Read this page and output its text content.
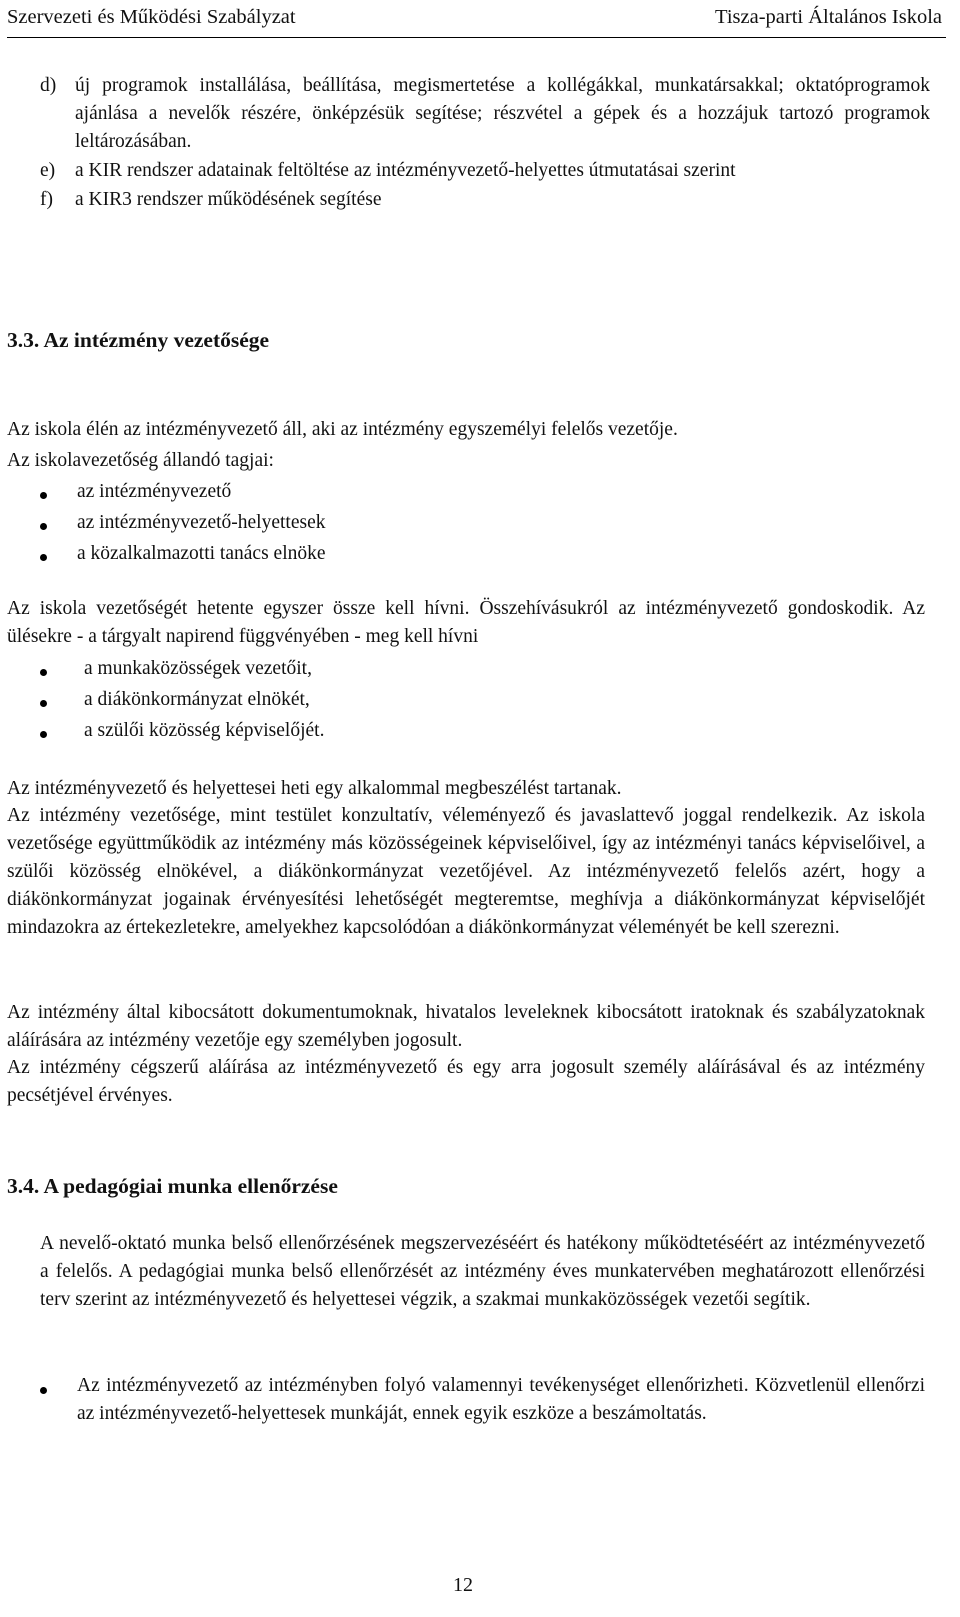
Szervezeti és Működési Szabályzat	Tisza-parti Általános Iskola
d) új programok installálása, beállítása, megismertetése a kollégákkal, munkatársakkal; oktatóprogramok ajánlása a nevelők részére, önképzésük segítése; részvétel a gépek és a hozzájuk tartozó programok leltározásában.
e)	a KIR rendszer adatainak feltöltése az intézményvezető-helyettes útmutatásai szerint
f)	a KIR3 rendszer működésének segítése
3.3. Az intézmény vezetősége
Az iskola élén az intézményvezető áll, aki az intézmény egyszemélyi felelős vezetője.
Az iskolavezetőség állandó tagjai:
az intézményvezető
az intézményvezető-helyettesek
a közalkalmazotti tanács elnöke
Az iskola vezetőségét hetente egyszer össze kell hívni. Összehívásukról az intézményvezető gondoskodik. Az ülésekre - a tárgyalt napirend függvényében - meg kell hívni
a munkaközösségek vezetőit,
a diákönkormányzat elnökét,
a szülői közösség képviselőjét.
Az intézményvezető és helyettesei heti egy alkalommal megbeszélést tartanak.
Az intézmény vezetősége, mint testület konzultatív, véleményező és javaslattevő joggal rendelkezik. Az iskola vezetősége együttműködik az intézmény más közösségeinek képviselőivel, így az intézményi tanács képviselőivel, a szülői közösség elnökével, a diákönkormányzat vezetőjével. Az intézményvezető felelős azért, hogy a diákönkormányzat jogainak érvényesítési lehetőségét megteremtse, meghívja a diákönkormányzat képviselőjét mindazokra az értekezletekre, amelyekhez kapcsolódóan a diákönkormányzat véleményét be kell szerezni.
Az intézmény által kibocsátott dokumentumoknak, hivatalos leveleknek kibocsátott iratoknak és szabályzatoknak aláírására az intézmény vezetője egy személyben jogosult.
Az intézmény cégszerű aláírása az intézményvezető és egy arra jogosult személy aláírásával és az intézmény pecsétjével érvényes.
3.4. A pedagógiai munka ellenőrzése
A nevelő-oktató munka belső ellenőrzésének megszervezéséért és hatékony működtetéséért az intézményvezető a felelős. A pedagógiai munka belső ellenőrzését az intézmény éves munkatervében meghatározott ellenőrzési terv szerint az intézményvezető és helyettesei végzik, a szakmai munkaközösségek vezetői segítik.
Az intézményvezető az intézményben folyó valamennyi tevékenységet ellenőrizheti. Közvetlenül ellenőrzi az intézményvezető-helyettesek munkáját, ennek egyik eszköze a beszámoltatás.
12
